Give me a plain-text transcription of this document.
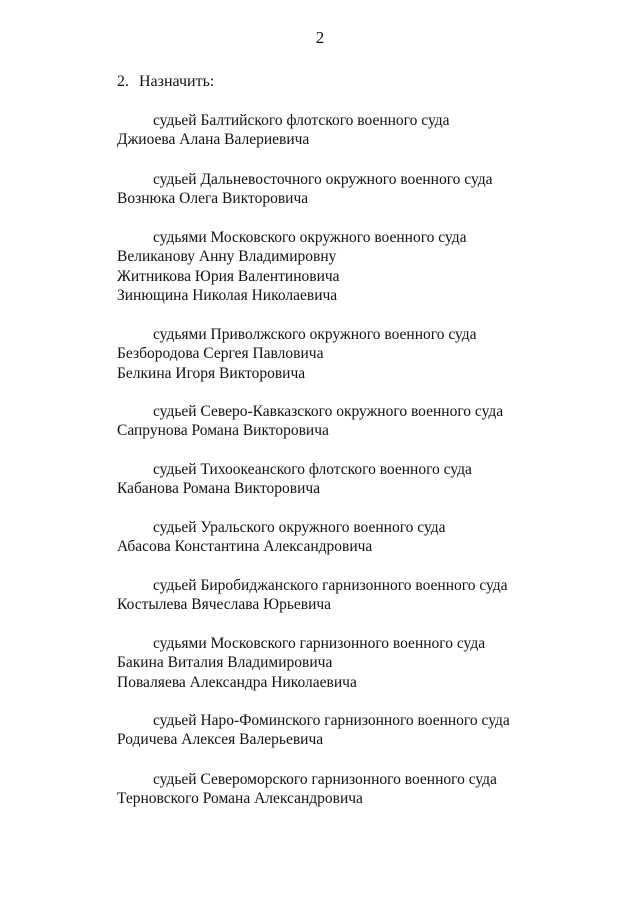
2
2. Назначить:
судьей Балтийского флотского военного суда
Джиоева Алана Валериевича
судьей Дальневосточного окружного военного суда
Вознюка Олега Викторовича
судьями Московского окружного военного суда
Великанову Анну Владимировну
Житникова Юрия Валентиновича
Зинющина Николая Николаевича
судьями Приволжского окружного военного суда
Безбородова Сергея Павловича
Белкина Игоря Викторовича
судьей Северо-Кавказского окружного военного суда
Сапрунова Романа Викторовича
судьей Тихоокеанского флотского военного суда
Кабанова Романа Викторовича
судьей Уральского окружного военного суда
Абасова Константина Александровича
судьей Биробиджанского гарнизонного военного суда
Костылева Вячеслава Юрьевича
судьями Московского гарнизонного военного суда
Бакина Виталия Владимировича
Поваляева Александра Николаевича
судьей Наро-Фоминского гарнизонного военного суда
Родичева Алексея Валерьевича
судьей Североморского гарнизонного военного суда
Терновского Романа Александровича
